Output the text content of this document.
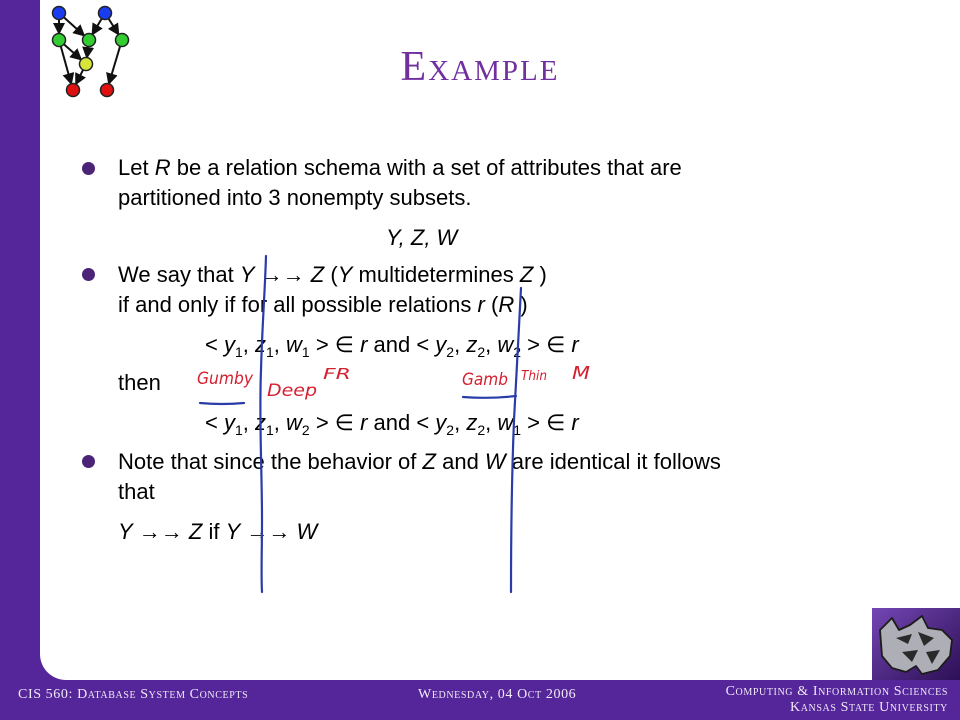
Example
Let R be a relation schema with a set of attributes that are
partitioned into 3 nonempty subsets.
Y, Z, W
We say that Y →→ Z (Y multidetermines Z )
if and only if for all possible relations r (R )
< $y_1$, $z_1$, $w_1$ > ∈ r and < $y_2$, $z_2$, $w_2$ > ∈ r
then
< $y_1$, $z_1$, $w_2$ > ∈ r and < $y_2$, $z_2$, $w_1$ > ∈ r
Note that since the behavior of Z and W are identical it follows
that
Y →→ Z if Y →→ W
Gumby
Deep
FR	Gamb Thin M
CIS 560: Database System Concepts	Wednesday, 04 Oct 2006	Computing & Information Sciences
Kansas State University
